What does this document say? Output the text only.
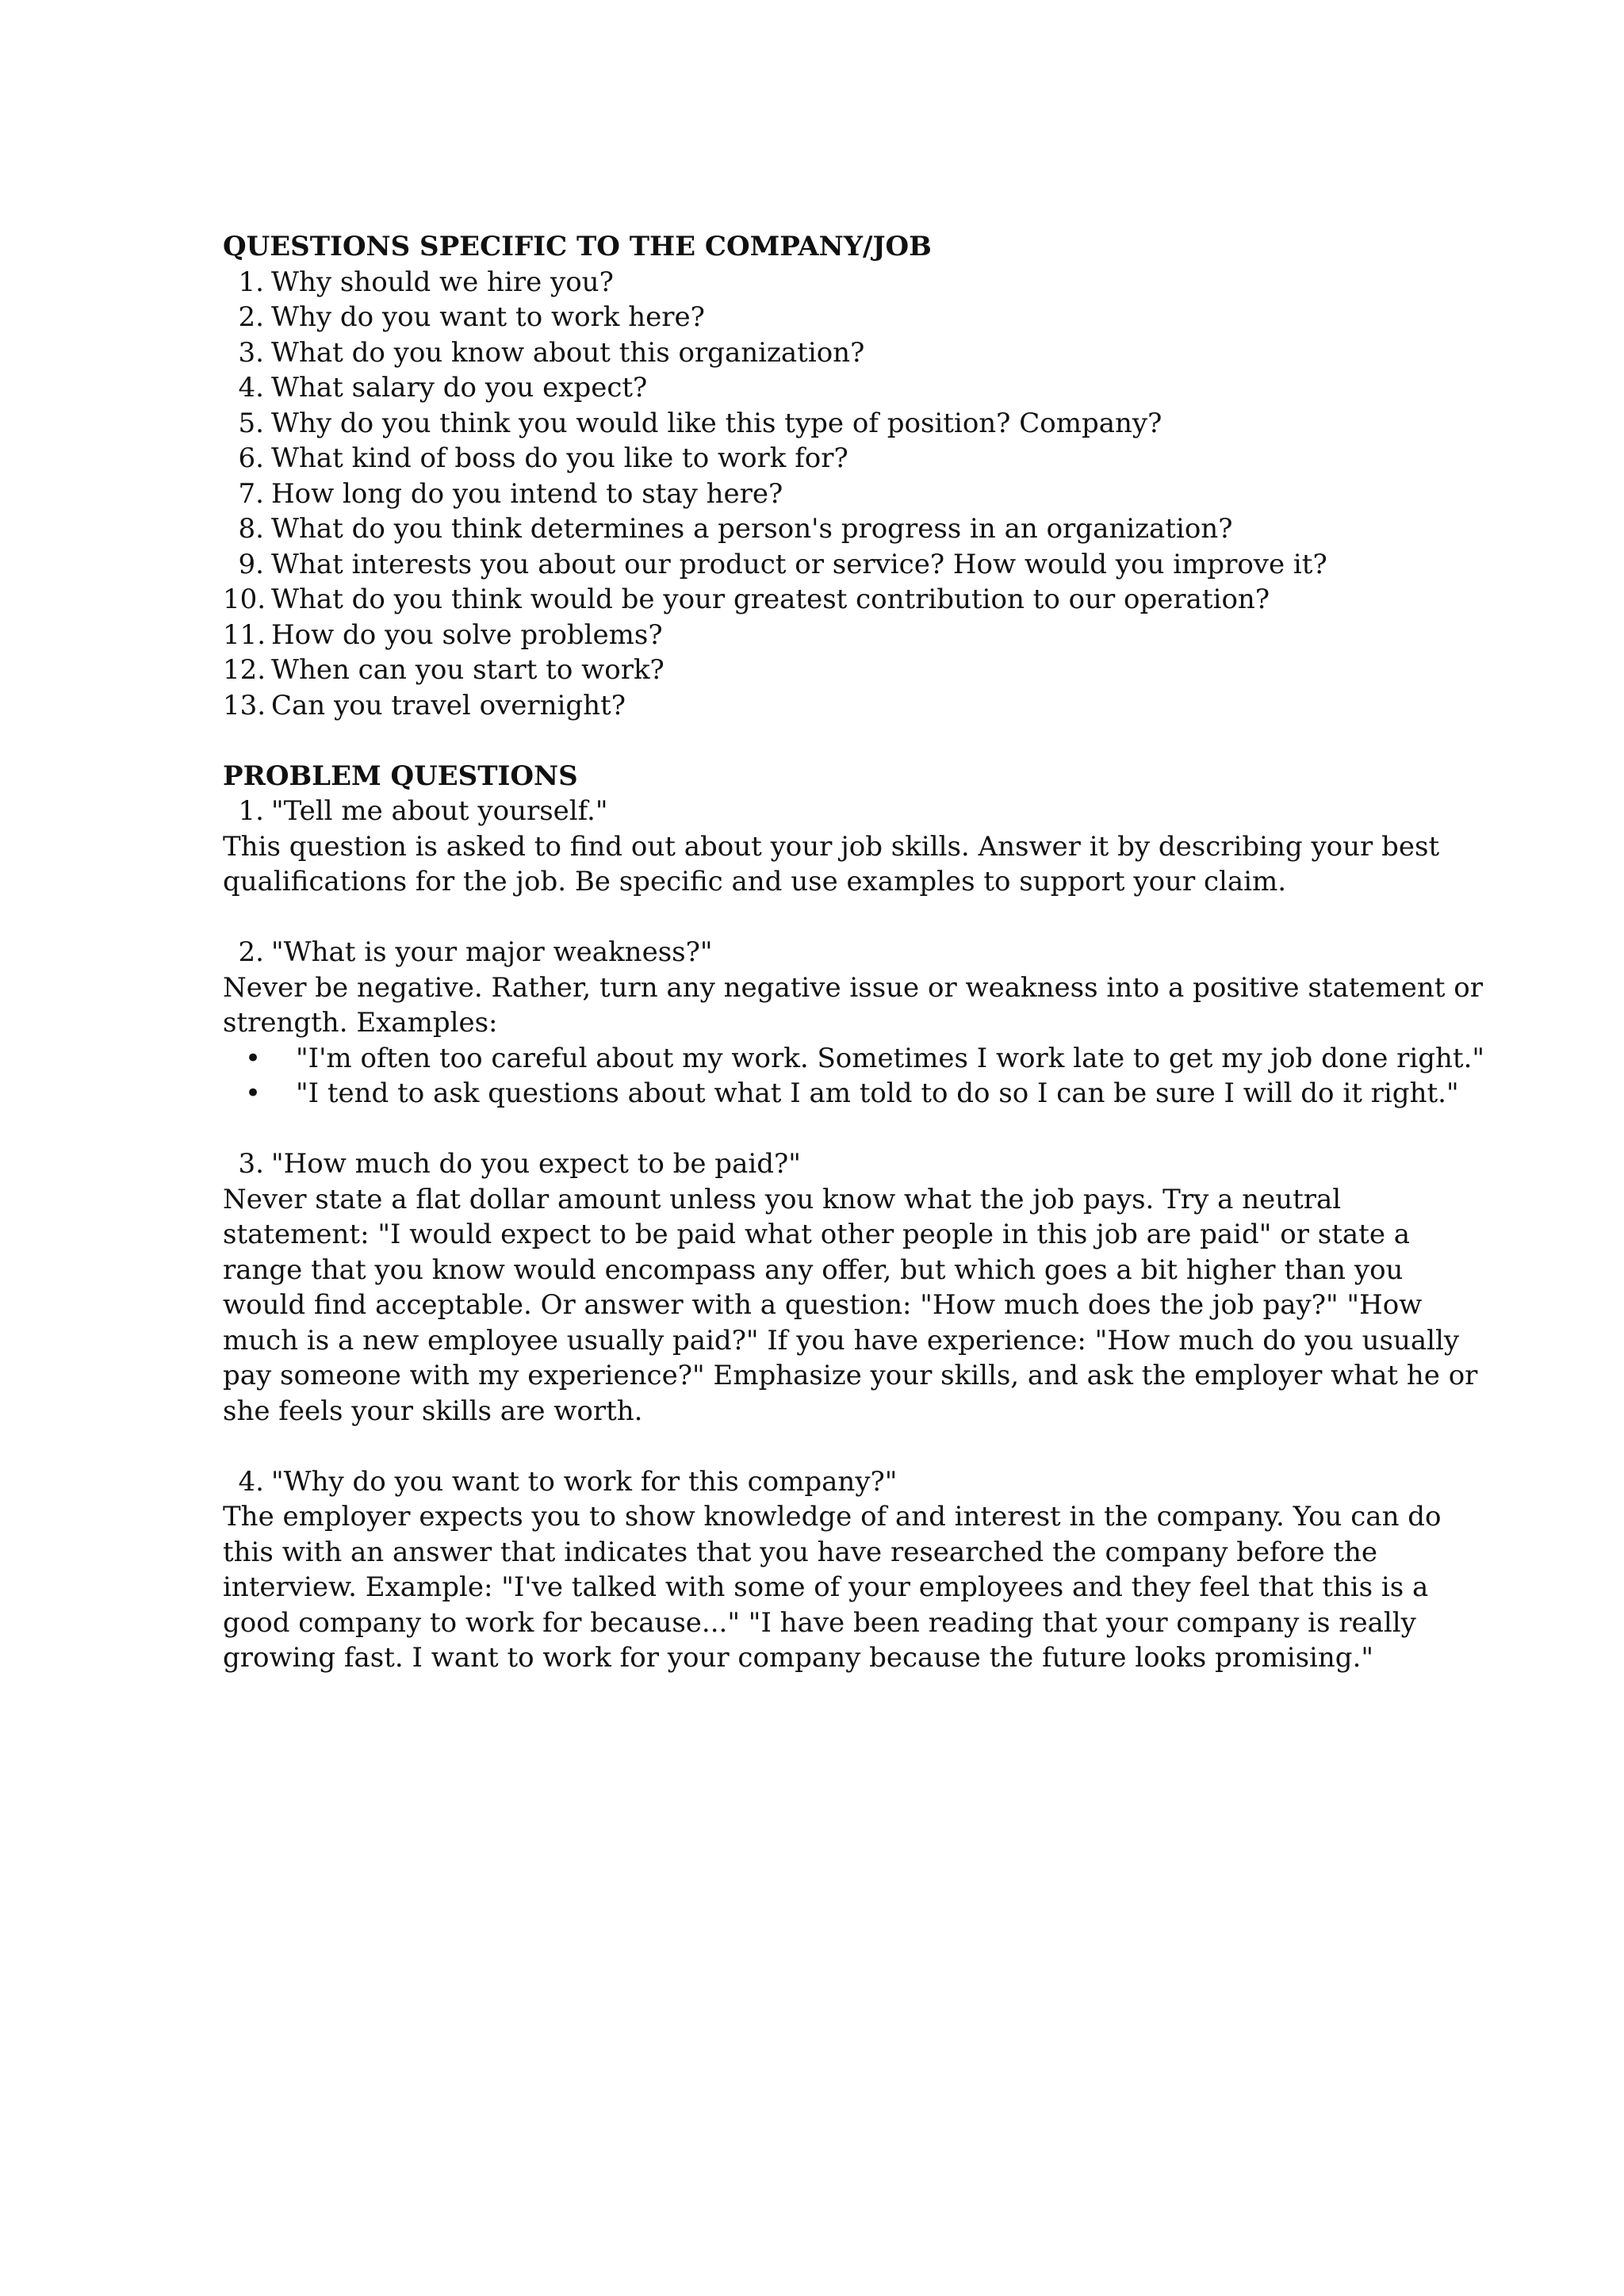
QUESTIONS SPECIFIC TO THE COMPANY/JOB

1. Why should we hire you?
2. Why do you want to work here?
3. What do you know about this organization?
4. What salary do you expect?
5. Why do you think you would like this type of position? Company?
6. What kind of boss do you like to work for?
7. How long do you intend to stay here?
8. What do you think determines a person's progress in an organization?
9. What interests you about our product or service? How would you improve it?
10. What do you think would be your greatest contribution to our operation?
11. How do you solve problems?
12. When can you start to work?
13. Can you travel overnight?

PROBLEM QUESTIONS

1. "Tell me about yourself."

This question is asked to find out about your job skills. Answer it by describing your best qualifications for the job. Be specific and use examples to support your claim.

2. "What is your major weakness?"

Never be negative. Rather, turn any negative issue or weakness into a positive statement or strength. Examples:

•	"I'm often too careful about my work. Sometimes I work late to get my job done right."
•	"I tend to ask questions about what I am told to do so I can be sure I will do it right."
3. "How much do you expect to be paid?"

Never state a flat dollar amount unless you know what the job pays. Try a neutral statement: "I would expect to be paid what other people in this job are paid" or state a range that you know would encompass any offer, but which goes a bit higher than you would find acceptable. Or answer with a question: "How much does the job pay?" "How much is a new employee usually paid?" If you have experience: "How much do you usually pay someone with my experience?" Emphasize your skills, and ask the employer what he or she feels your skills are worth.

4. "Why do you want to work for this company?"

The employer expects you to show knowledge of and interest in the company. You can do this with an answer that indicates that you have researched the company before the interview. Example: "I've talked with some of your employees and they feel that this is a good company to work for because..." "I have been reading that your company is really growing fast. I want to work for your company because the future looks promising."
